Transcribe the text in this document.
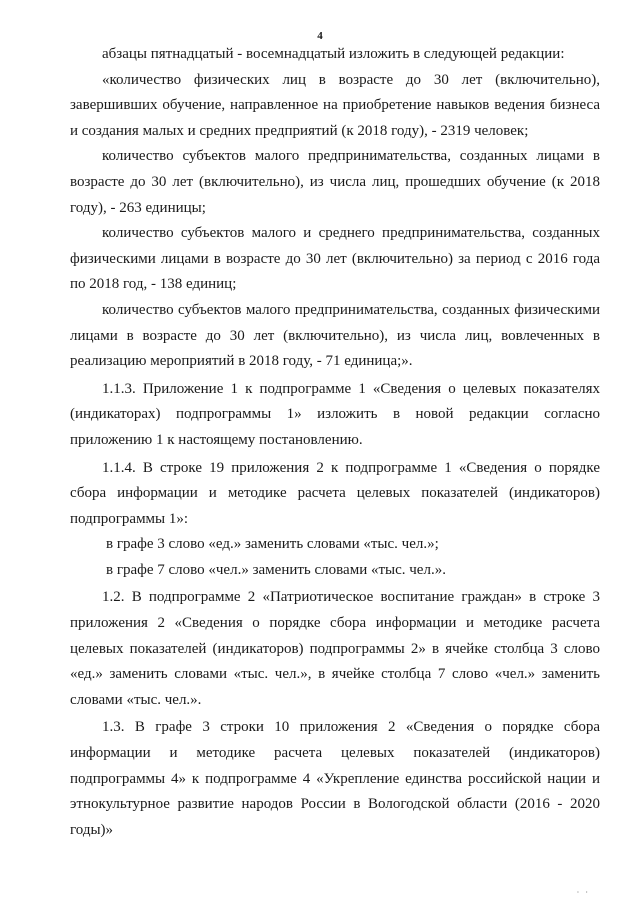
4

абзацы пятнадцатый - восемнадцатый изложить в следующей редакции:

«количество физических лиц в возрасте до 30 лет (включительно), завершивших обучение, направленное на приобретение навыков ведения бизнеса и создания малых и средних предприятий (к 2018 году), - 2319 человек;

количество субъектов малого предпринимательства, созданных лицами в возрасте до 30 лет (включительно), из числа лиц, прошедших обучение (к 2018 году), - 263 единицы;

количество субъектов малого и среднего предпринимательства, созданных физическими лицами в возрасте до 30 лет (включительно) за период с 2016 года по 2018 год, - 138 единиц;

количество субъектов малого предпринимательства, созданных физическими лицами в возрасте до 30 лет (включительно), из числа лиц, вовлеченных в реализацию мероприятий в 2018 году, - 71 единица;».

1.1.3. Приложение 1 к подпрограмме 1 «Сведения о целевых показателях (индикаторах) подпрограммы 1» изложить в новой редакции согласно приложению 1 к настоящему постановлению.

1.1.4. В строке 19 приложения 2 к подпрограмме 1 «Сведения о порядке сбора информации и методике расчета целевых показателей (индикаторов) подпрограммы 1»:

в графе 3 слово «ед.» заменить словами «тыс. чел.»;

в графе 7 слово «чел.» заменить словами «тыс. чел.».

1.2. В подпрограмме 2 «Патриотическое воспитание граждан» в строке 3 приложения 2 «Сведения о порядке сбора информации и методике расчета целевых показателей (индикаторов) подпрограммы 2» в ячейке столбца 3 слово «ед.» заменить словами «тыс. чел.», в ячейке столбца 7 слово «чел.» заменить словами «тыс. чел.».

1.3. В графе 3 строки 10 приложения 2 «Сведения о порядке сбора информации и методике расчета целевых показателей (индикаторов) подпрограммы 4» к подпрограмме 4 «Укрепление единства российской нации и этнокультурное развитие народов России в Вологодской области (2016 - 2020 годы)»

· ·
